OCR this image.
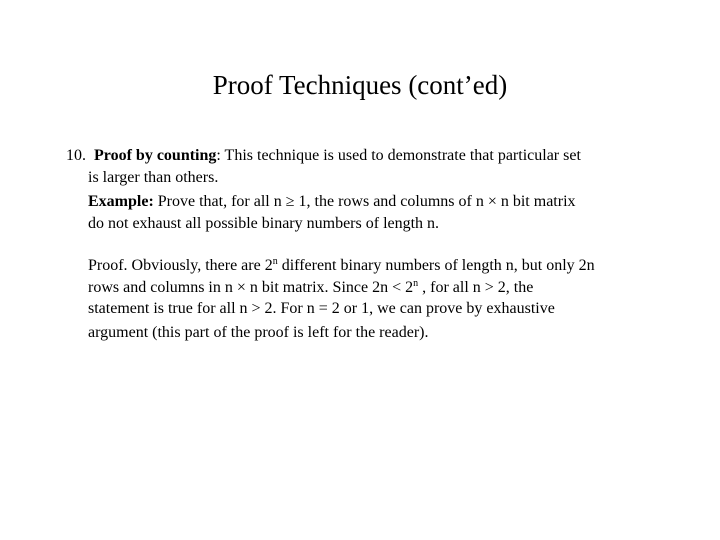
Proof Techniques (cont’ed)
10. Proof by counting: This technique is used to demonstrate that particular set
is larger than others.
Example: Prove that, for all n ≥ 1, the rows and columns of n × n bit matrix
do not exhaust all possible binary numbers of length n.
Proof. Obviously, there are 2$^n$ different binary numbers of length n, but only 2n
rows and columns in n × n bit matrix. Since $2n < 2^n$ , for all n > 2, the
statement is true for all n > 2. For n = 2 or 1, we can prove by exhaustive
argument (this part of the proof is left for the reader).
